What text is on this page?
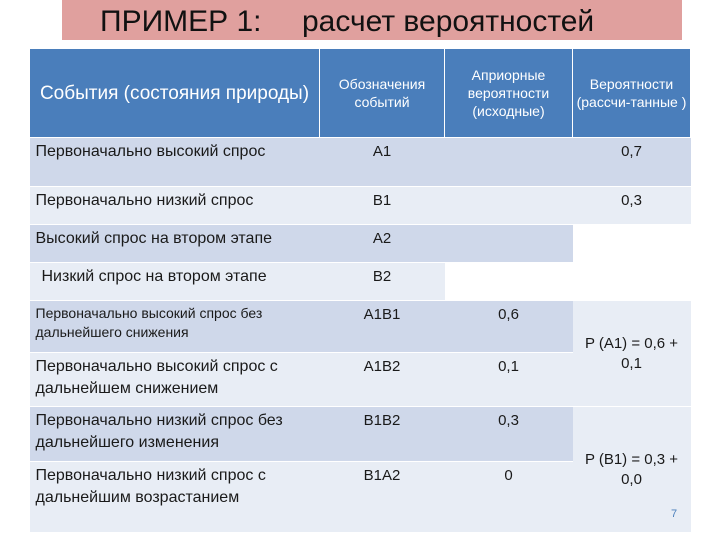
ПРИМЕР 1: расчет вероятностей
События (состояния природы)	Обозначения событий	Априорные вероятности (исходные)	Вероятности (рассчи-танные )
Первоначально высокий спрос	A1		0,7
Первоначально низкий спрос	B1		0,3
Высокий спрос на втором этапе	A2		
Низкий спрос на втором этапе	B2		
Первоначально высокий спрос без дальнейшего снижения	A1B1	0,6	P (A1) = 0,6 + 0,1
Первоначально высокий спрос с дальнейшем снижением	A1B2	0,1	
Первоначально низкий спрос без дальнейшего изменения	B1B2	0,3	P (B1) = 0,3 + 0,0
Первоначально низкий спрос с дальнейшим возрастанием	B1A2	0	
7
